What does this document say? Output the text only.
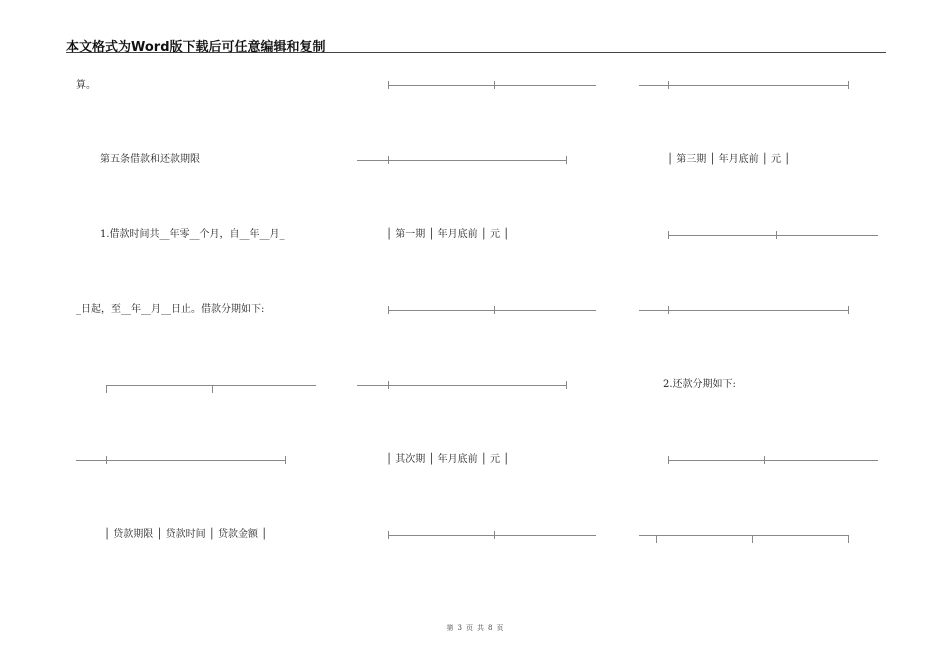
本文格式为Word版下载后可任意编辑和复制
算。
第五条借款和还款期限
1.借款时间共__年零__个月，自__年__月_
_日起，至__年__月__日止。借款分期如下:
│ 贷款期限 │ 贷款时间 │ 贷款金额 │
│ 第一期 │ 年月底前 │ 元 │
│ 其次期 │ 年月底前 │ 元 │
│ 第三期 │ 年月底前 │ 元 │
2.还款分期如下:
第 3 页 共 8 页
